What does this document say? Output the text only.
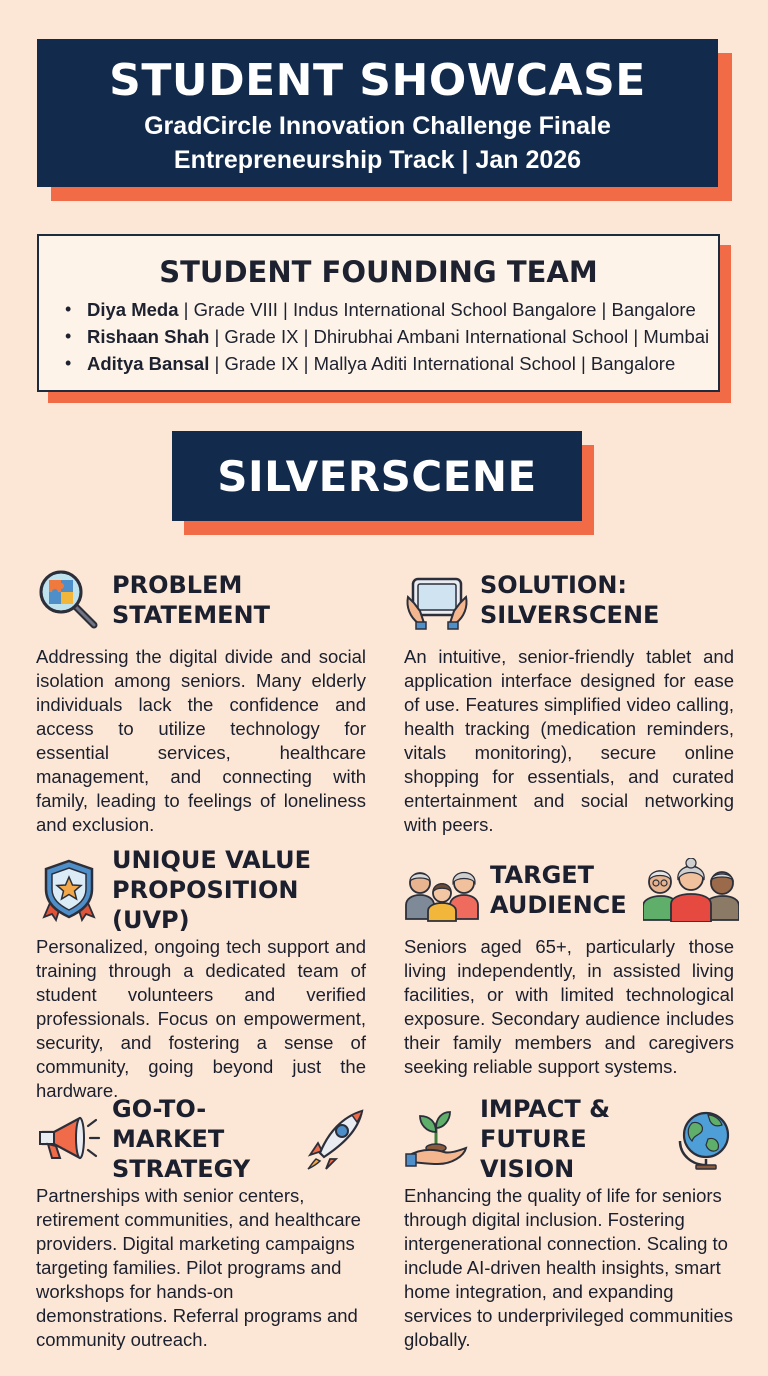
STUDENT SHOWCASE
GradCircle Innovation Challenge Finale
Entrepreneurship Track | Jan 2026
STUDENT FOUNDING TEAM
• Diya Meda | Grade VIII | Indus International School Bangalore | Bangalore
• Rishaan Shah | Grade IX | Dhirubhai Ambani International School | Mumbai
• Aditya Bansal | Grade IX | Mallya Aditi International School | Bangalore
SILVERSCENE
PROBLEM
STATEMENT
Addressing the digital divide and social isolation among seniors. Many elderly individuals lack the confidence and access to utilize technology for essential services, healthcare management, and connecting with family, leading to feelings of loneliness and exclusion.
SOLUTION:
SILVERSCENE
An intuitive, senior-friendly tablet and application interface designed for ease of use. Features simplified video calling, health tracking (medication reminders, vitals monitoring), secure online shopping for essentials, and curated entertainment and social networking with peers.
UNIQUE VALUE
PROPOSITION (UVP)
Personalized, ongoing tech support and training through a dedicated team of student volunteers and verified professionals. Focus on empowerment, security, and fostering a sense of community, going beyond just the hardware.
TARGET
AUDIENCE
Seniors aged 65+, particularly those living independently, in assisted living facilities, or with limited technological exposure. Secondary audience includes their family members and caregivers seeking reliable support systems.
GO-TO-MARKET
STRATEGY
Partnerships with senior centers, retirement communities, and healthcare providers. Digital marketing campaigns targeting families. Pilot programs and workshops for hands-on demonstrations. Referral programs and community outreach.
IMPACT &
FUTURE VISION
Enhancing the quality of life for seniors through digital inclusion. Fostering intergenerational connection. Scaling to include AI-driven health insights, smart home integration, and expanding services to underprivileged communities globally.
